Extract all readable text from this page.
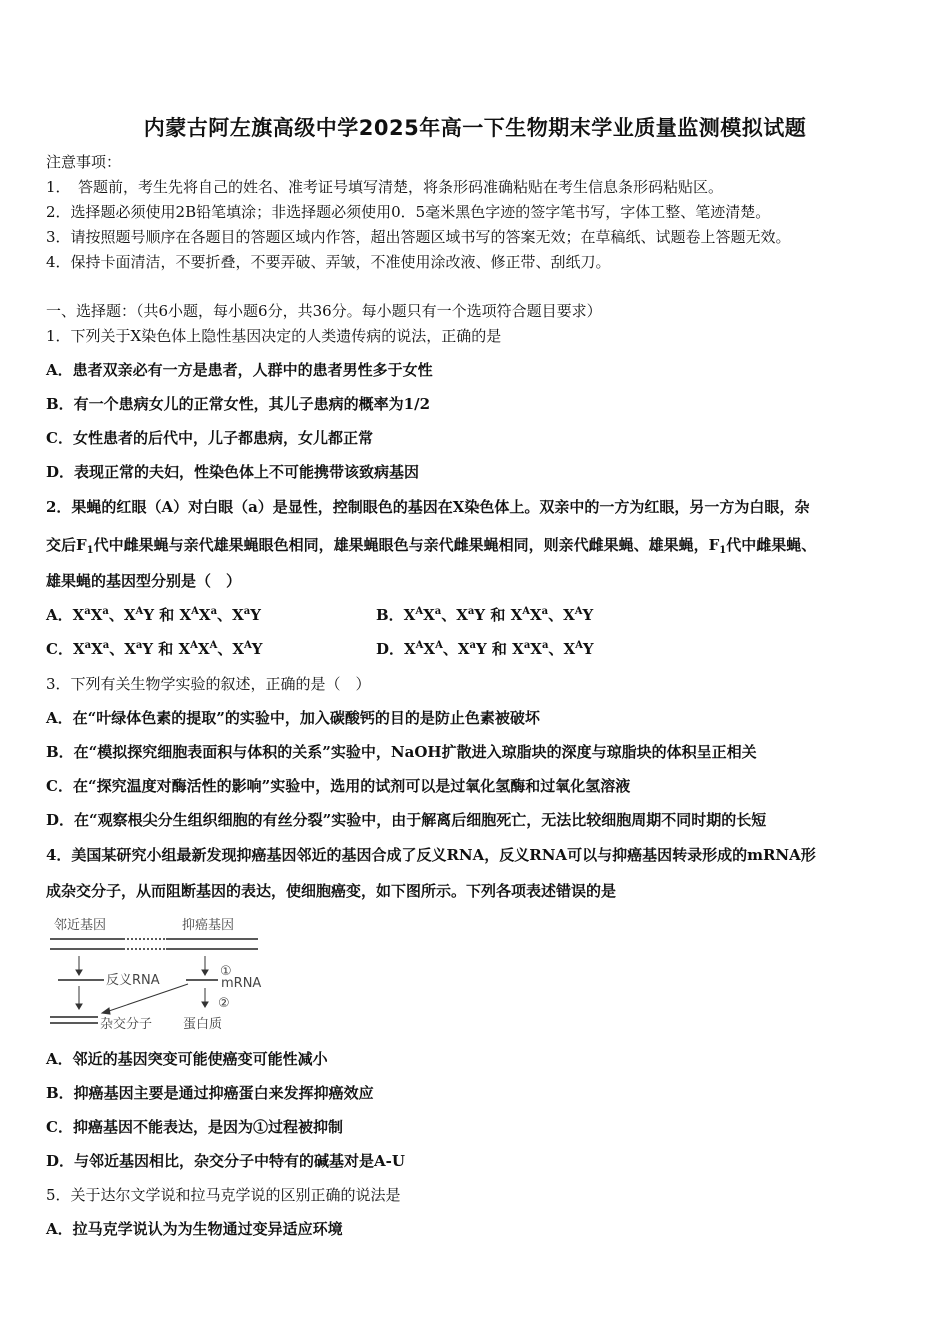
内蒙古阿左旗高级中学2025年高一下生物期末学业质量监测模拟试题
注意事项：
1．　答题前，考生先将自己的姓名、准考证号填写清楚，将条形码准确粘贴在考生信息条形码粘贴区。
2．选择题必须使用2B铅笔填涂；非选择题必须使用0．5毫米黑色字迹的签字笔书写，字体工整、笔迹清楚。
3．请按照题号顺序在各题目的答题区域内作答，超出答题区域书写的答案无效；在草稿纸、试题卷上答题无效。
4．保持卡面清洁，不要折叠，不要弄破、弄皱，不准使用涂改液、修正带、刮纸刀。
一、选择题：（共6小题，每小题6分，共36分。每小题只有一个选项符合题目要求）
1．下列关于X染色体上隐性基因决定的人类遗传病的说法，正确的是
A．患者双亲必有一方是患者，人群中的患者男性多于女性
B．有一个患病女儿的正常女性，其儿子患病的概率为1/2
C．女性患者的后代中，儿子都患病，女儿都正常
D．表现正常的夫妇，性染色体上不可能携带该致病基因
2．果蝇的红眼（A）对白眼（a）是显性，控制眼色的基因在X染色体上。双亲中的一方为红眼，另一方为白眼，杂
交后$F_1$代中雌果蝇与亲代雄果蝇眼色相同，雄果蝇眼色与亲代雌果蝇相同，则亲代雌果蝇、雄果蝇，$F_1$代中雌果蝇、
雄果蝇的基因型分别是（　）
A．$X^aX^a$、$X^AY$ 和 $X^AX^a$、$X^aY$	B．$X^AX^a$、$X^aY$ 和 $X^AX^a$、$X^AY$
C．$X^aX^a$、$X^aY$ 和 $X^AX^A$、$X^AY$	D．$X^AX^A$、$X^aY$ 和 $X^aX^a$、$X^AY$
3．下列有关生物学实验的叙述，正确的是（　）
A．在“叶绿体色素的提取”的实验中，加入碳酸钙的目的是防止色素被破坏
B．在“模拟探究细胞表面积与体积的关系”实验中，NaOH扩散进入琼脂块的深度与琼脂块的体积呈正相关
C．在“探究温度对酶活性的影响”实验中，选用的试剂可以是过氧化氢酶和过氧化氢溶液
D．在“观察根尖分生组织细胞的有丝分裂”实验中，由于解离后细胞死亡，无法比较细胞周期不同时期的长短
4．美国某研究小组最新发现抑癌基因邻近的基因合成了反义RNA，反义RNA可以与抑癌基因转录形成的mRNA形
成杂交分子，从而阻断基因的表达，使细胞癌变，如下图所示。下列各项表述错误的是
邻近基因	抑癌基因
反义RNA
①
mRNA
②
杂交分子 蛋白质
A．邻近的基因突变可能使癌变可能性减小
B．抑癌基因主要是通过抑癌蛋白来发挥抑癌效应
C．抑癌基因不能表达，是因为①过程被抑制
D．与邻近基因相比，杂交分子中特有的碱基对是A-U
5．关于达尔文学说和拉马克学说的区别正确的说法是
A．拉马克学说认为为生物通过变异适应环境
